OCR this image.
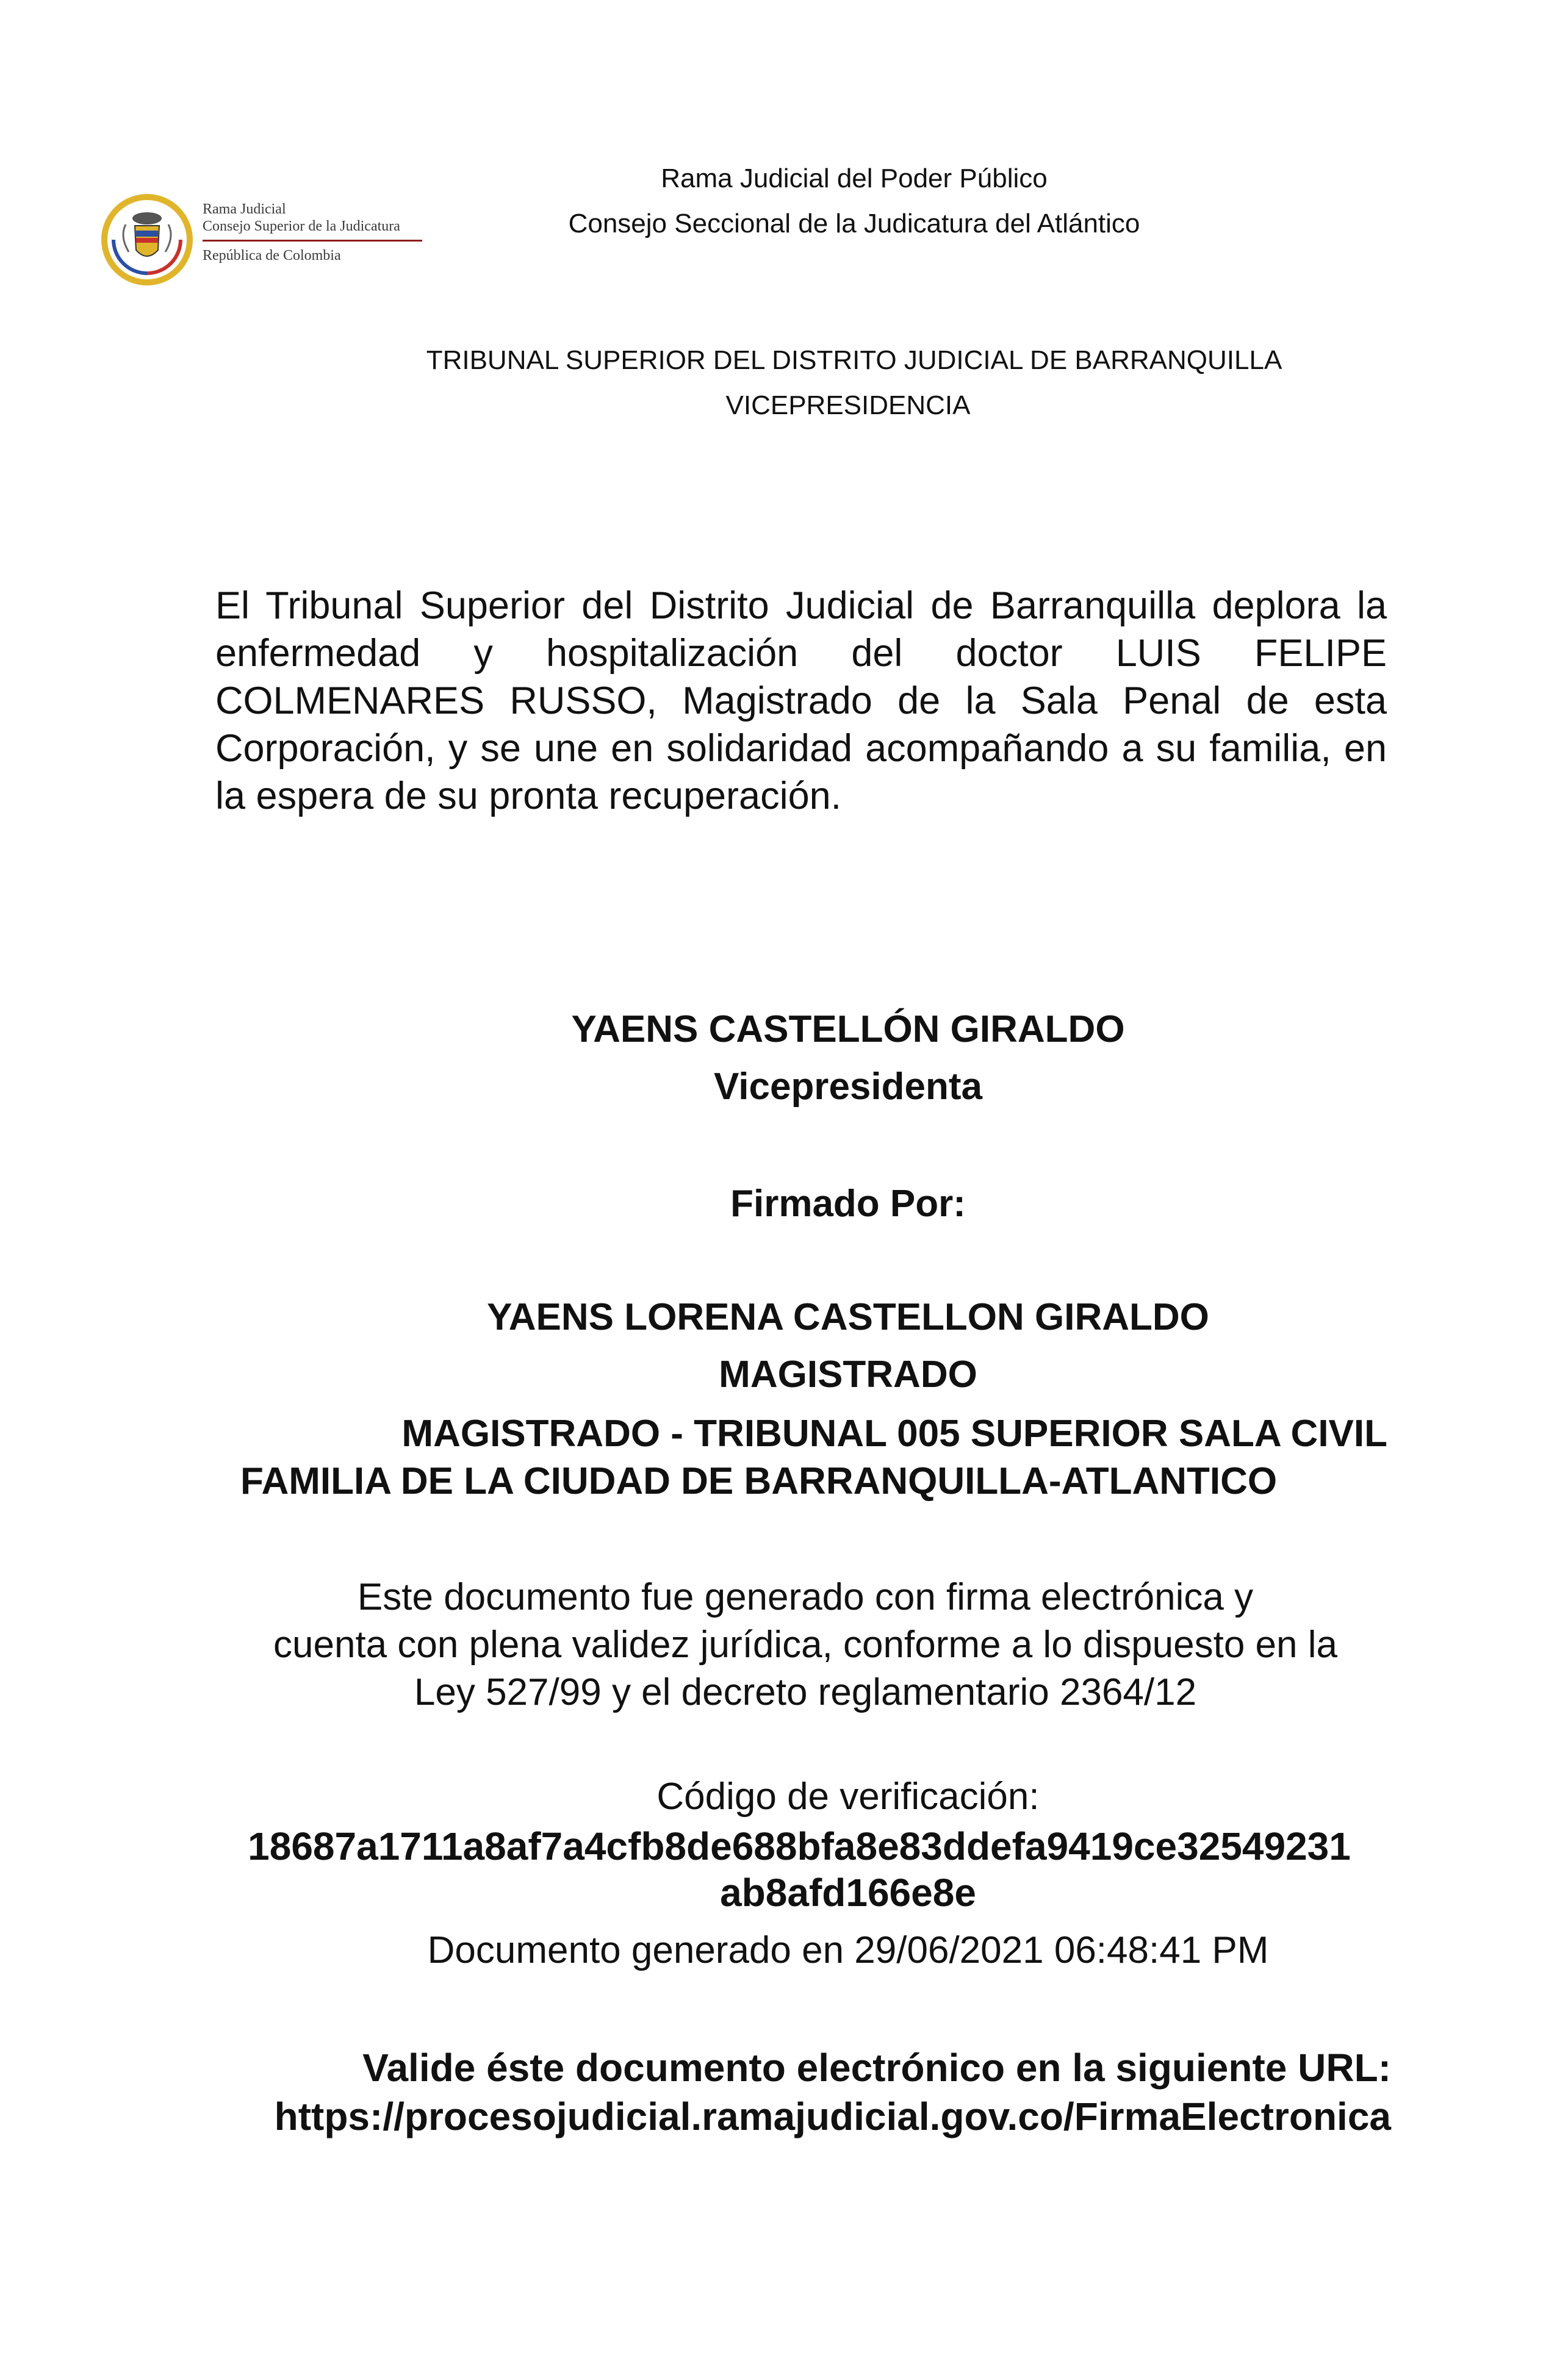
Rama Judicial
Consejo Superior de la Judicatura
República de Colombia
Rama Judicial del Poder Público
Consejo Seccional de la Judicatura del Atlántico
TRIBUNAL SUPERIOR DEL DISTRITO JUDICIAL DE BARRANQUILLA
VICEPRESIDENCIA
El Tribunal Superior del Distrito Judicial de Barranquilla deplora la enfermedad y hospitalización del doctor LUIS FELIPE COLMENARES RUSSO, Magistrado de la Sala Penal de esta Corporación, y se une en solidaridad acompañando a su familia, en la espera de su pronta recuperación.
YAENS CASTELLÓN GIRALDO
Vicepresidenta
Firmado Por:
YAENS LORENA CASTELLON GIRALDO
MAGISTRADO
MAGISTRADO - TRIBUNAL 005 SUPERIOR SALA CIVIL
FAMILIA DE LA CIUDAD DE BARRANQUILLA-ATLANTICO
Este documento fue generado con firma electrónica y
cuenta con plena validez jurídica, conforme a lo dispuesto en la
Ley 527/99 y el decreto reglamentario 2364/12
Código de verificación:
18687a1711a8af7a4cfb8de688bfa8e83ddefa9419ce32549231
ab8afd166e8e
Documento generado en 29/06/2021 06:48:41 PM
Valide éste documento electrónico en la siguiente URL:
https://procesojudicial.ramajudicial.gov.co/FirmaElectronica
